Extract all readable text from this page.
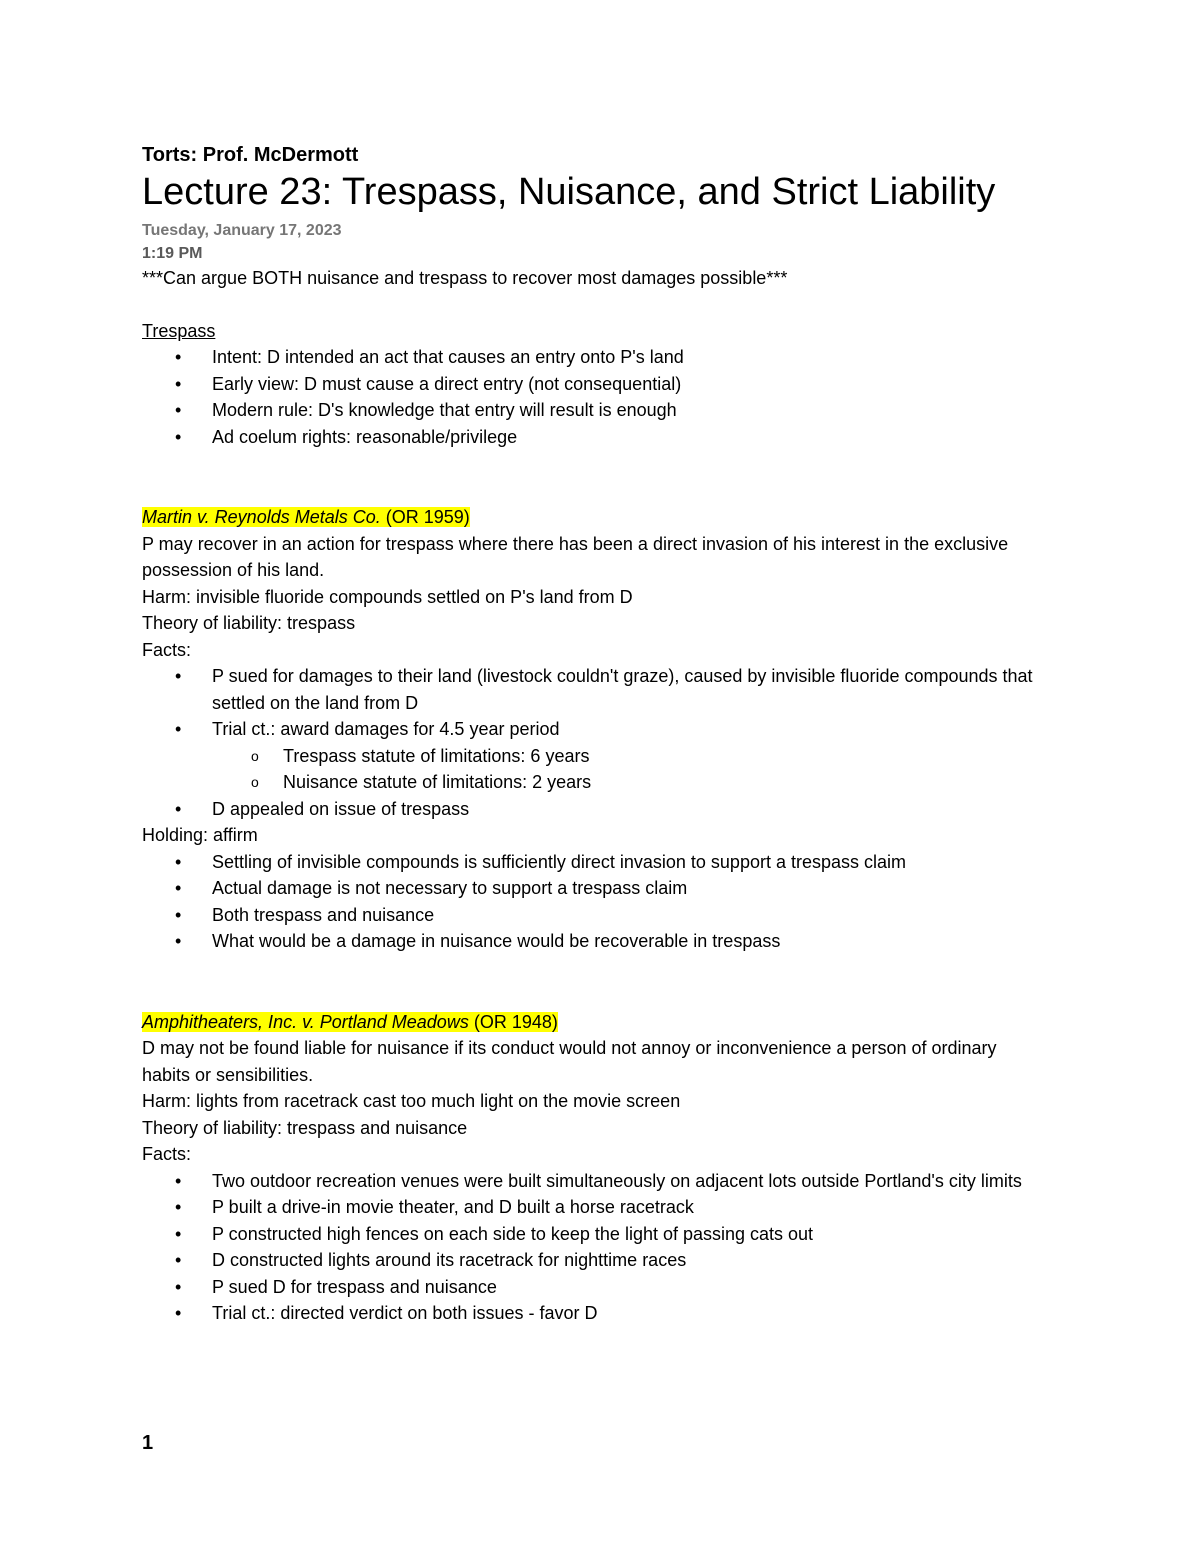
Torts: Prof. McDermott

Lecture 23: Trespass, Nuisance, and Strict Liability

Tuesday, January 17, 2023

1:19 PM

***Can argue BOTH nuisance and trespass to recover most damages possible***

Trespass

• Intent: D intended an act that causes an entry onto P's land
• Early view: D must cause a direct entry (not consequential)
• Modern rule: D's knowledge that entry will result is enough
• Ad coelum rights: reasonable/privilege

Martin v. Reynolds Metals Co. (OR 1959)

P may recover in an action for trespass where there has been a direct invasion of his interest in the exclusive possession of his land.

Harm: invisible fluoride compounds settled on P's land from D

Theory of liability: trespass

Facts:

• P sued for damages to their land (livestock couldn't graze), caused by invisible fluoride compounds that settled on the land from D
• Trial ct.: award damages for 4.5 year period
o Trespass statute of limitations: 6 years
o Nuisance statute of limitations: 2 years
• D appealed on issue of trespass

Holding: affirm

• Settling of invisible compounds is sufficiently direct invasion to support a trespass claim
• Actual damage is not necessary to support a trespass claim
• Both trespass and nuisance
• What would be a damage in nuisance would be recoverable in trespass

Amphitheaters, Inc. v. Portland Meadows (OR 1948)

D may not be found liable for nuisance if its conduct would not annoy or inconvenience a person of ordinary habits or sensibilities.

Harm: lights from racetrack cast too much light on the movie screen

Theory of liability: trespass and nuisance

Facts:

• Two outdoor recreation venues were built simultaneously on adjacent lots outside Portland's city limits
• P built a drive-in movie theater, and D built a horse racetrack
• P constructed high fences on each side to keep the light of passing cats out
• D constructed lights around its racetrack for nighttime races
• P sued D for trespass and nuisance
• Trial ct.: directed verdict on both issues - favor D
1
